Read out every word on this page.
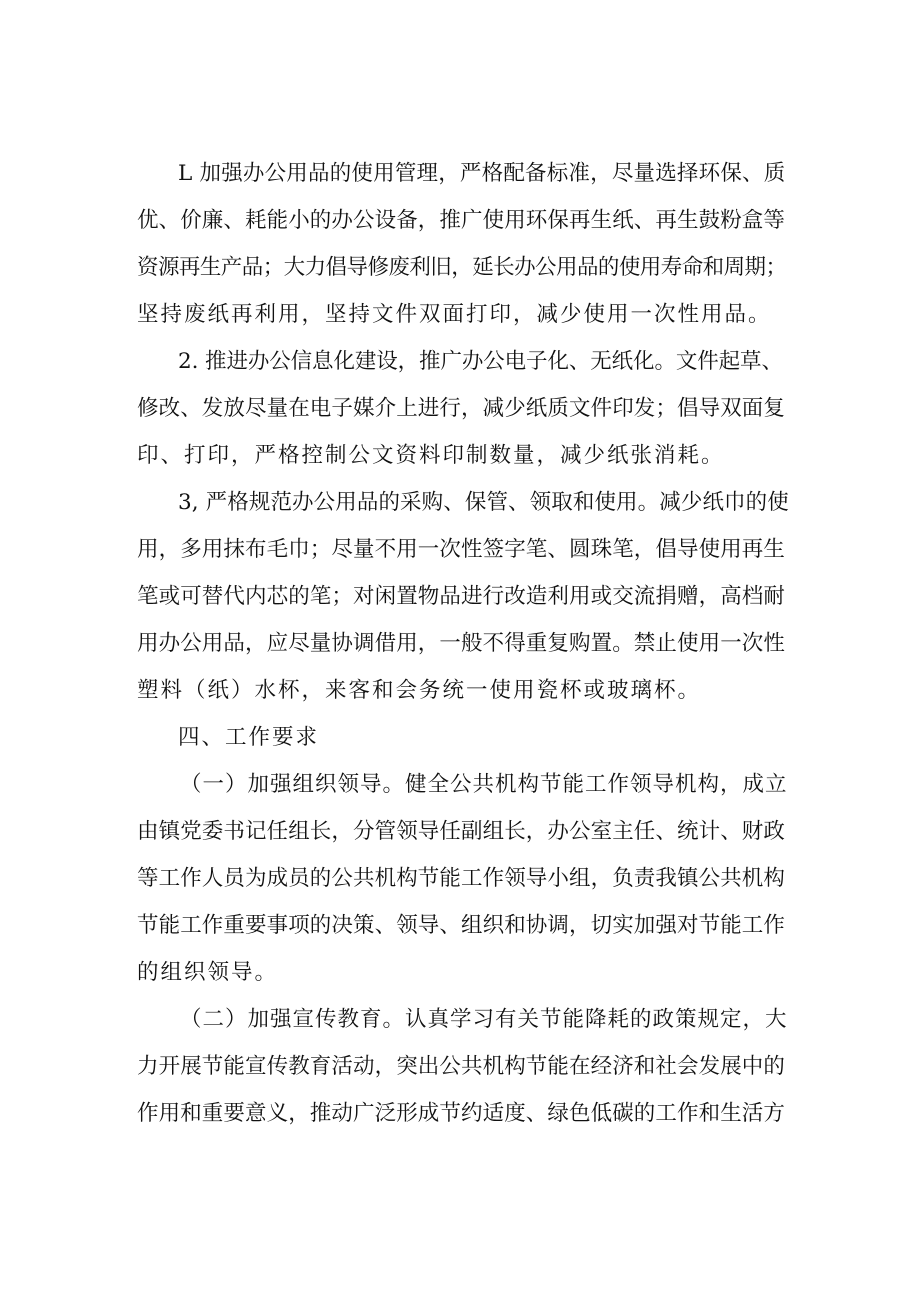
L 加强办公用品的使用管理，严格配备标准，尽量选择环保、质
优、价廉、耗能小的办公设备，推广使用环保再生纸、再生鼓粉盒等
资源再生产品；大力倡导修废利旧，延长办公用品的使用寿命和周期；
坚持废纸再利用，坚持文件双面打印，减少使用一次性用品。
2. 推进办公信息化建设，推广办公电子化、无纸化。文件起草、
修改、发放尽量在电子媒介上进行，减少纸质文件印发；倡导双面复
印、打印，严格控制公文资料印制数量，减少纸张消耗。
3, 严格规范办公用品的采购、保管、领取和使用。减少纸巾的使
用，多用抹布毛巾；尽量不用一次性签字笔、圆珠笔，倡导使用再生
笔或可替代内芯的笔；对闲置物品进行改造利用或交流捐赠，高档耐
用办公用品，应尽量协调借用，一般不得重复购置。禁止使用一次性
塑料（纸）水杯，来客和会务统一使用瓷杯或玻璃杯。
四、工作要求
（一）加强组织领导。健全公共机构节能工作领导机构，成立
由镇党委书记任组长，分管领导任副组长，办公室主任、统计、财政
等工作人员为成员的公共机构节能工作领导小组，负责我镇公共机构
节能工作重要事项的决策、领导、组织和协调，切实加强对节能工作
的组织领导。
（二）加强宣传教育。认真学习有关节能降耗的政策规定，大
力开展节能宣传教育活动，突出公共机构节能在经济和社会发展中的
作用和重要意义，推动广泛形成节约适度、绿色低碳的工作和生活方
